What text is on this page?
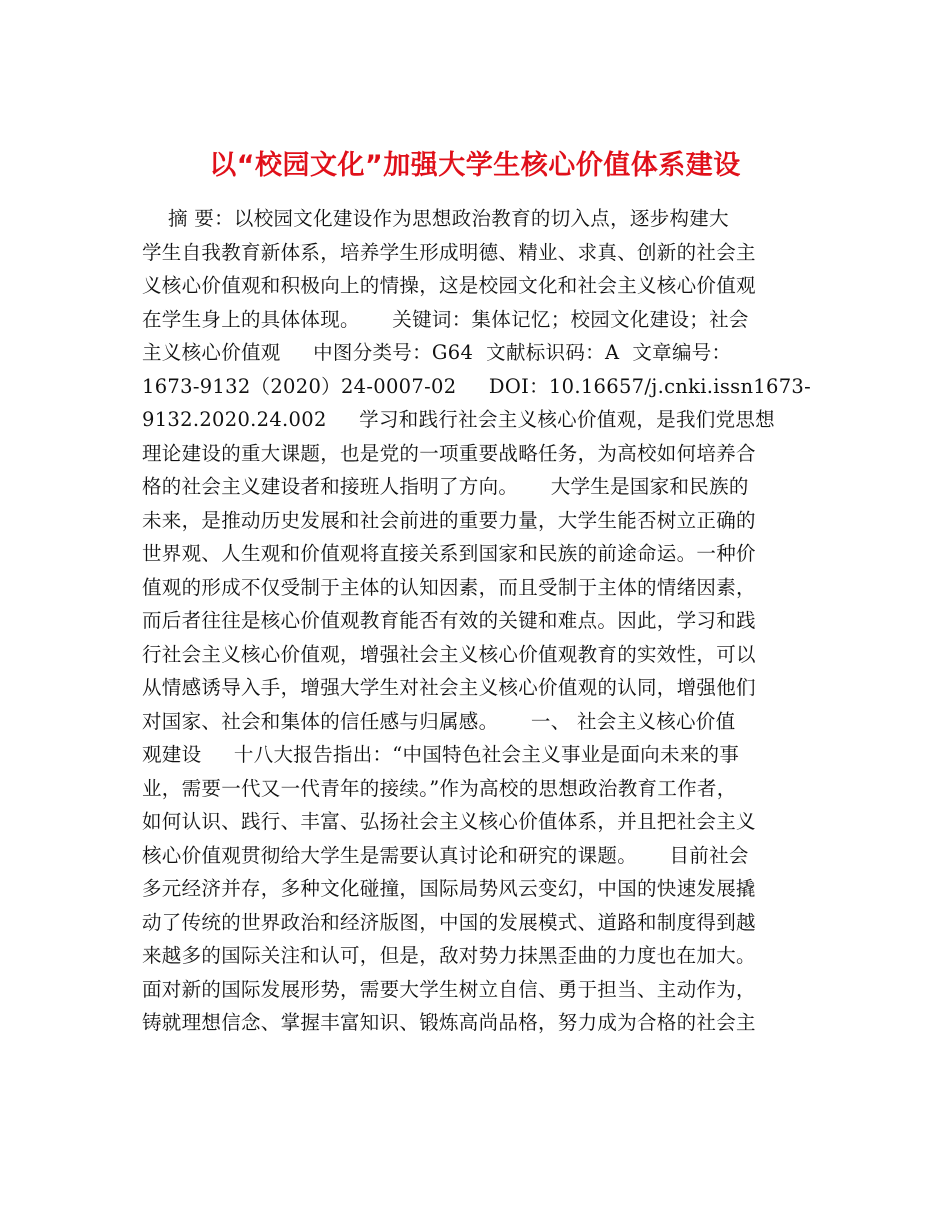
以“校园文化”加强大学生核心价值体系建设
摘 要：以校园文化建设作为思想政治教育的切入点，逐步构建大
学生自我教育新体系，培养学生形成明德、精业、求真、创新的社会主
义核心价值观和积极向上的情操，这是校园文化和社会主义核心价值观
在学生身上的具体体现。     关键词：集体记忆；校园文化建设；社会
主义核心价值观     中图分类号：G64  文献标识码：A  文章编号：
1673-9132（2020）24-0007-02     DOI：10.16657/j.cnki.issn1673-
9132.2020.24.002     学习和践行社会主义核心价值观，是我们党思想
理论建设的重大课题，也是党的一项重要战略任务，为高校如何培养合
格的社会主义建设者和接班人指明了方向。     大学生是国家和民族的
未来，是推动历史发展和社会前进的重要力量，大学生能否树立正确的
世界观、人生观和价值观将直接关系到国家和民族的前途命运。一种价
值观的形成不仅受制于主体的认知因素，而且受制于主体的情绪因素，
而后者往往是核心价值观教育能否有效的关键和难点。因此，学习和践
行社会主义核心价值观，增强社会主义核心价值观教育的实效性，可以
从情感诱导入手，增强大学生对社会主义核心价值观的认同，增强他们
对国家、社会和集体的信任感与归属感。     一、 社会主义核心价值
观建设     十八大报告指出：“中国特色社会主义事业是面向未来的事
业，需要一代又一代青年的接续。”作为高校的思想政治教育工作者，
如何认识、践行、丰富、弘扬社会主义核心价值体系，并且把社会主义
核心价值观贯彻给大学生是需要认真讨论和研究的课题。     目前社会
多元经济并存，多种文化碰撞，国际局势风云变幻，中国的快速发展撬
动了传统的世界政治和经济版图，中国的发展模式、道路和制度得到越
来越多的国际关注和认可，但是，敌对势力抹黑歪曲的力度也在加大。
面对新的国际发展形势，需要大学生树立自信、勇于担当、主动作为，
铸就理想信念、掌握丰富知识、锻炼高尚品格，努力成为合格的社会主
